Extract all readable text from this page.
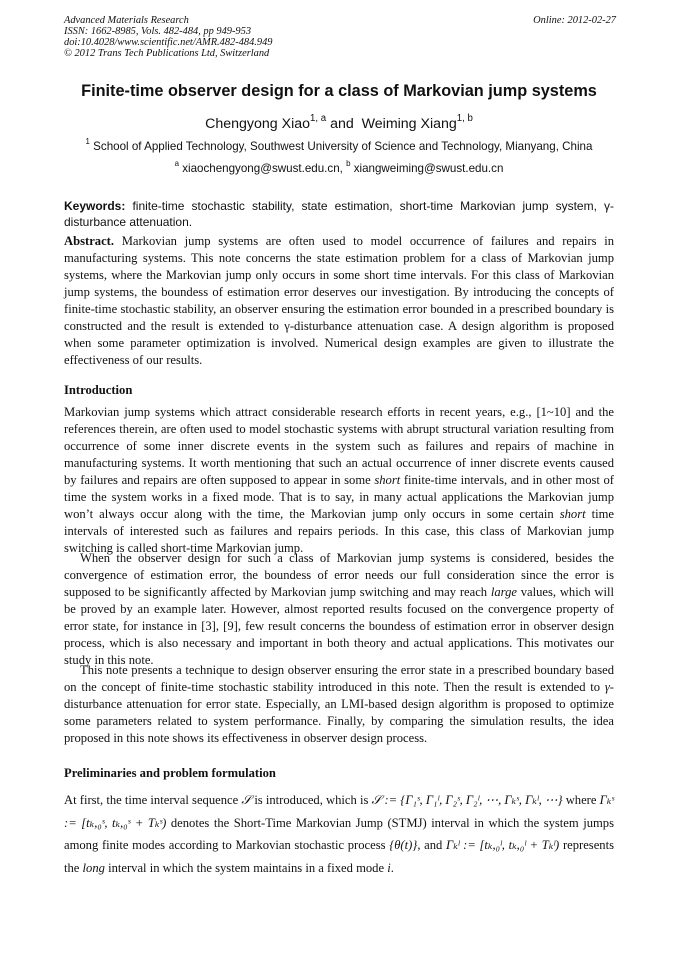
Advanced Materials Research
ISSN: 1662-8985, Vols. 482-484, pp 949-953
doi:10.4028/www.scientific.net/AMR.482-484.949
© 2012 Trans Tech Publications Ltd, Switzerland
Online: 2012-02-27
Finite-time observer design for a class of Markovian jump systems
Chengyong Xiao$^{1, a}$ and Weiming Xiang$^{1, b}$
$^1$ School of Applied Technology, Southwest University of Science and Technology, Mianyang, China
$^a$ xiaochengyong@swust.edu.cn, $^b$ xiangweiming@swust.edu.cn
Keywords: finite-time stochastic stability, state estimation, short-time Markovian jump system, γ-disturbance attenuation.
Abstract. Markovian jump systems are often used to model occurrence of failures and repairs in manufacturing systems. This note concerns the state estimation problem for a class of Markovian jump systems, where the Markovian jump only occurs in some short time intervals. For this class of Markovian jump systems, the boundess of estimation error deserves our investigation. By introducing the concepts of finite-time stochastic stability, an observer ensuring the estimation error bounded in a prescribed boundary is constructed and the result is extended to γ-disturbance attenuation case. A design algorithm is proposed when some parameter optimization is involved. Numerical design examples are given to illustrate the effectiveness of our results.
Introduction
Markovian jump systems which attract considerable research efforts in recent years, e.g., [1~10] and the references therein, are often used to model stochastic systems with abrupt structural variation resulting from occurrence of some inner discrete events in the system such as failures and repairs of machine in manufacturing systems. It worth mentioning that such an actual occurrence of inner discrete events caused by failures and repairs are often supposed to appear in some short finite-time intervals, and in other most of time the system works in a fixed mode. That is to say, in many actual applications the Markovian jump won’t always occur along with the time, the Markovian jump only occurs in some certain short time intervals of interested such as failures and repairs periods. In this case, this class of Markovian jump switching is called short-time Markovian jump.
When the observer design for such a class of Markovian jump systems is considered, besides the convergence of estimation error, the boundess of error needs our full consideration since the error is supposed to be significantly affected by Markovian jump switching and may reach large values, which will be proved by an example later. However, almost reported results focused on the convergence property of error state, for instance in [3], [9], few result concerns the boundess of estimation error in observer design process, which is also necessary and important in both theory and actual applications. This motivates our study in this note.
This note presents a technique to design observer ensuring the error state in a prescribed boundary based on the concept of finite-time stochastic stability introduced in this note. Then the result is extended to γ-disturbance attenuation for error state. Especially, an LMI-based design algorithm is proposed to optimize some parameters related to system performance. Finally, by comparing the simulation results, the idea proposed in this note shows its effectiveness in observer design process.
Preliminaries and problem formulation
At first, the time interval sequence 𝒮 is introduced, which is 𝒮 := {Γ₁ˢ, Γ₁ˡ, Γ₂ˢ, Γ₂ˡ, ⋯, Γₖˢ, Γₖˡ, ⋯} where Γₖˢ := [tₖ,₀ˢ, tₖ,₀ˢ + Tₖˢ) denotes the Short-Time Markovian Jump (STMJ) interval in which the system jumps among finite modes according to Markovian stochastic process {θ(t)}, and Γₖˡ := [tₖ,₀ˡ, tₖ,₀ˡ + Tₖˡ) represents the long interval in which the system maintains in a fixed mode i.
